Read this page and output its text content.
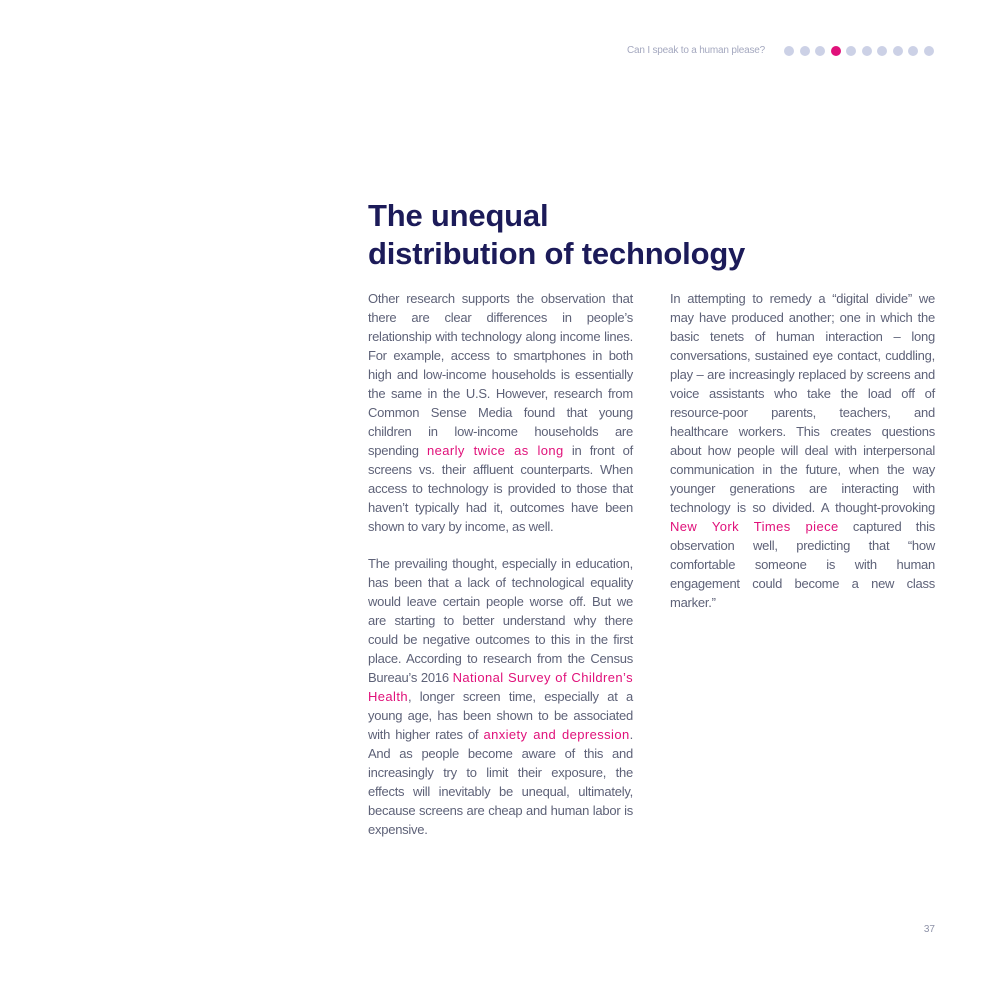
Can I speak to a human please?
The unequal
distribution of technology

Other research supports the observation that there are clear differences in people’s relationship with technology along income lines. For example, access to smartphones in both high and low-income households is essentially the same in the U.S. However, research from Common Sense Media found that young children in low-income households are spending nearly twice as long in front of screens vs. their affluent counterparts. When access to technology is provided to those that haven’t typically had it, outcomes have been shown to vary by income, as well.

The prevailing thought, especially in education, has been that a lack of technological equality would leave certain people worse off. But we are starting to better understand why there could be negative outcomes to this in the first place. According to research from the Census Bureau’s 2016 National Survey of Children’s Health, longer screen time, especially at a young age, has been shown to be associated with higher rates of anxiety and depression. And as people become aware of this and increasingly try to limit their exposure, the effects will inevitably be unequal, ultimately, because screens are cheap and human labor is expensive.

In attempting to remedy a “digital divide” we may have produced another; one in which the basic tenets of human interaction – long conversations, sustained eye contact, cuddling, play – are increasingly replaced by screens and voice assistants who take the load off of resource-poor parents, teachers, and healthcare workers. This creates questions about how people will deal with interpersonal communication in the future, when the way younger generations are interacting with technology is so divided. A thought-provoking New York Times piece captured this observation well, predicting that “how comfortable someone is with human engagement could become a new class marker.”

37
